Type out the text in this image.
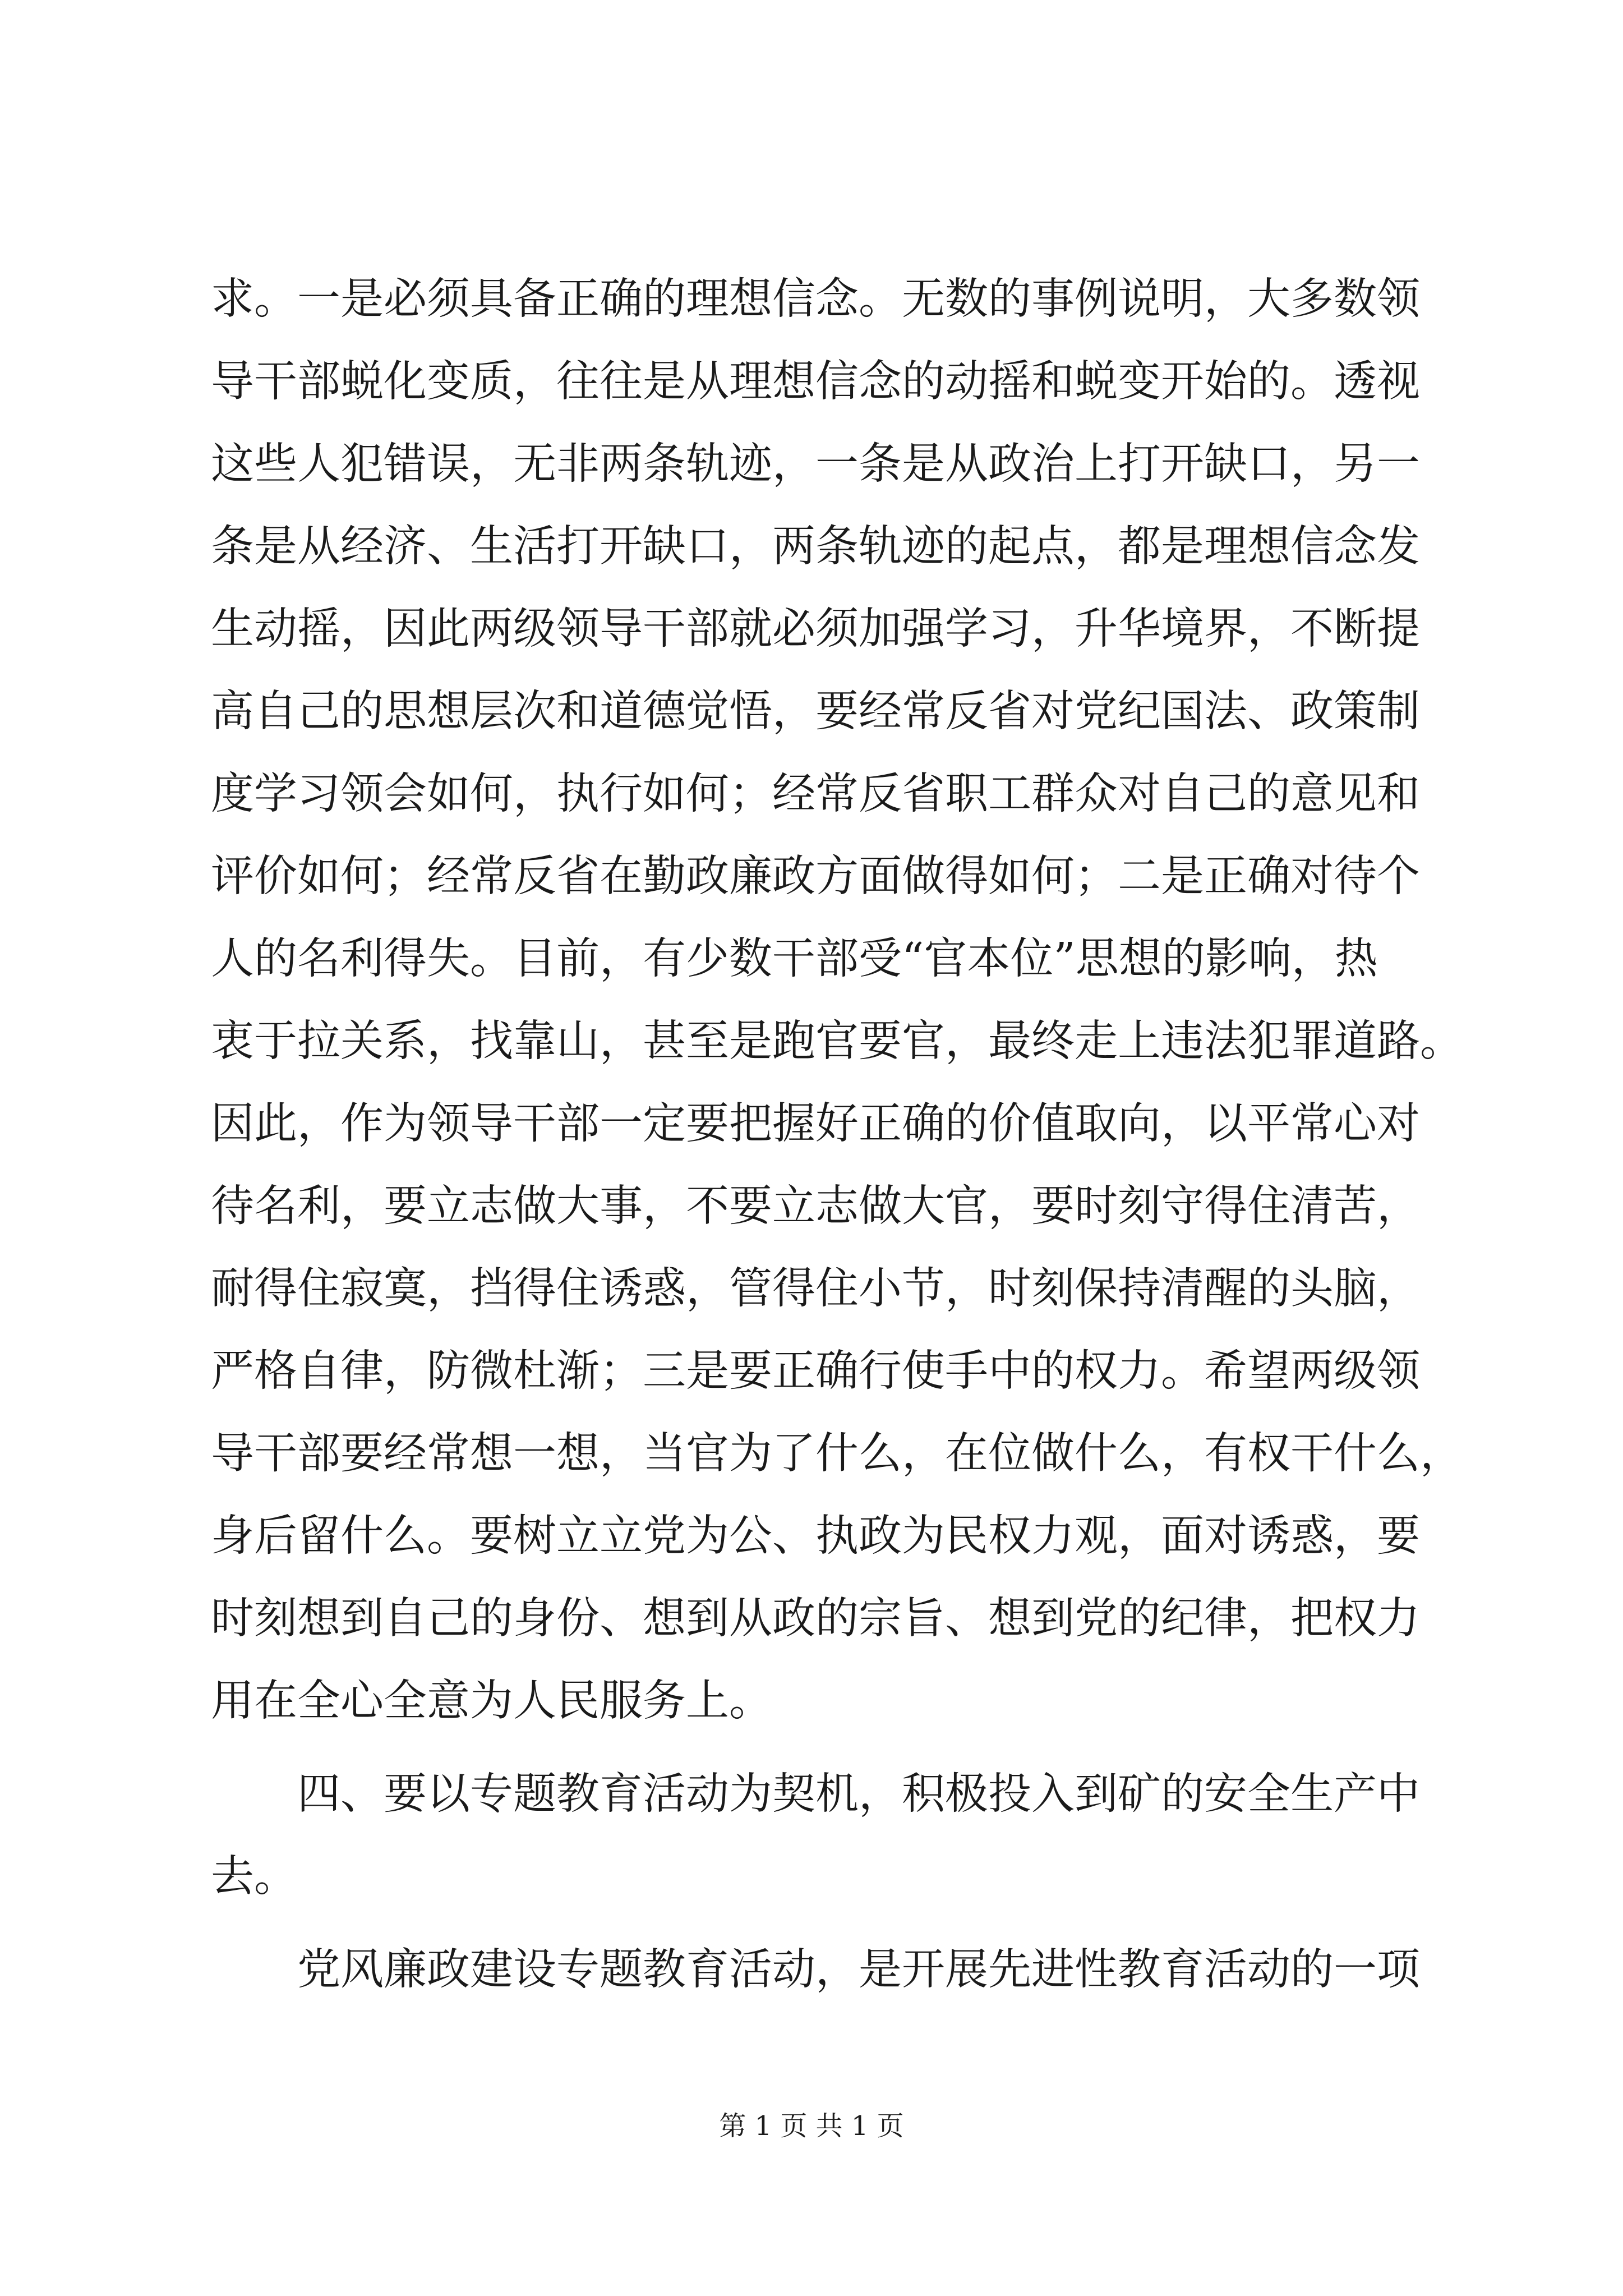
求。一是必须具备正确的理想信念。无数的事例说明，大多数领
导干部蜕化变质，往往是从理想信念的动摇和蜕变开始的。透视
这些人犯错误，无非两条轨迹，一条是从政治上打开缺口，另一
条是从经济、生活打开缺口，两条轨迹的起点，都是理想信念发
生动摇，因此两级领导干部就必须加强学习，升华境界，不断提
高自己的思想层次和道德觉悟，要经常反省对党纪国法、政策制
度学习领会如何，执行如何；经常反省职工群众对自己的意见和
评价如何；经常反省在勤政廉政方面做得如何；二是正确对待个
人的名利得失。目前，有少数干部受“官本位”思想的影响，热
衷于拉关系，找靠山，甚至是跑官要官，最终走上违法犯罪道路。
因此，作为领导干部一定要把握好正确的价值取向，以平常心对
待名利，要立志做大事，不要立志做大官，要时刻守得住清苦，
耐得住寂寞，挡得住诱惑，管得住小节，时刻保持清醒的头脑，
严格自律，防微杜渐；三是要正确行使手中的权力。希望两级领
导干部要经常想一想，当官为了什么，在位做什么，有权干什么，
身后留什么。要树立立党为公、执政为民权力观，面对诱惑，要
时刻想到自己的身份、想到从政的宗旨、想到党的纪律，把权力
用在全心全意为人民服务上。
四、要以专题教育活动为契机，积极投入到矿的安全生产中
去。
党风廉政建设专题教育活动，是开展先进性教育活动的一项
第 1 页 共 1 页
